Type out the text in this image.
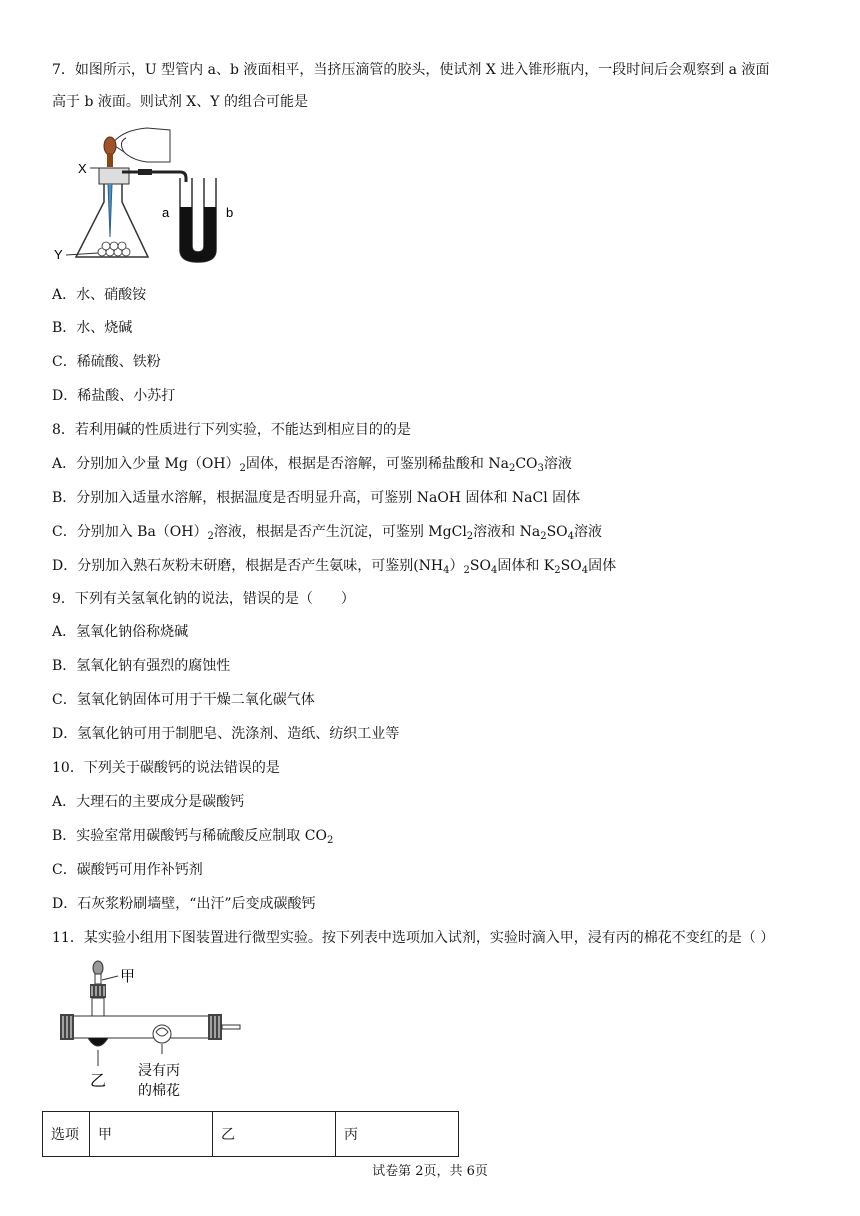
7．如图所示，U 型管内 a、b 液面相平，当挤压滴管的胶头，使试剂 X 进入锥形瓶内，一段时间后会观察到 a 液面
高于 b 液面。则试剂 X、Y 的组合可能是
a	b
X
Y
A．水、硝酸铵
B．水、烧碱
C．稀硫酸、铁粉
D．稀盐酸、小苏打
8．若利用碱的性质进行下列实验，不能达到相应目的的是
A．分别加入少量 $Mg(OH)_2$固体，根据是否溶解，可鉴别稀盐酸和 $Na_2CO_3$溶液
B．分别加入适量水溶解，根据温度是否明显升高，可鉴别 NaOH 固体和 NaCl 固体
C．分别加入 $Ba(OH)_2$溶液，根据是否产生沉淀，可鉴别 MgCl$_2$溶液和 $Na_2SO_4$溶液
D．分别加入熟石灰粉末研磨，根据是否产生氨味，可鉴别$(NH_4)_2SO_4$固体和 $K_2SO_4$固体
9．下列有关氢氧化钠的说法，错误的是（　　）
A．氢氧化钠俗称烧碱
B．氢氧化钠有强烈的腐蚀性
C．氢氧化钠固体可用于干燥二氧化碳气体
D．氢氧化钠可用于制肥皂、洗涤剂、造纸、纺织工业等
10．下列关于碳酸钙的说法错误的是
A．大理石的主要成分是碳酸钙
B．实验室常用碳酸钙与稀硫酸反应制取 $CO_2$
C．碳酸钙可用作补钙剂
D．石灰浆粉刷墙壁，“出汗”后变成碳酸钙
11．某实验小组用下图装置进行微型实验。按下列表中选项加入试剂，实验时滴入甲，浸有丙的棉花不变红的是（ ）
甲
乙 浸有丙
的棉花
选项	甲	乙	丙
试卷第 2页，共 6页
